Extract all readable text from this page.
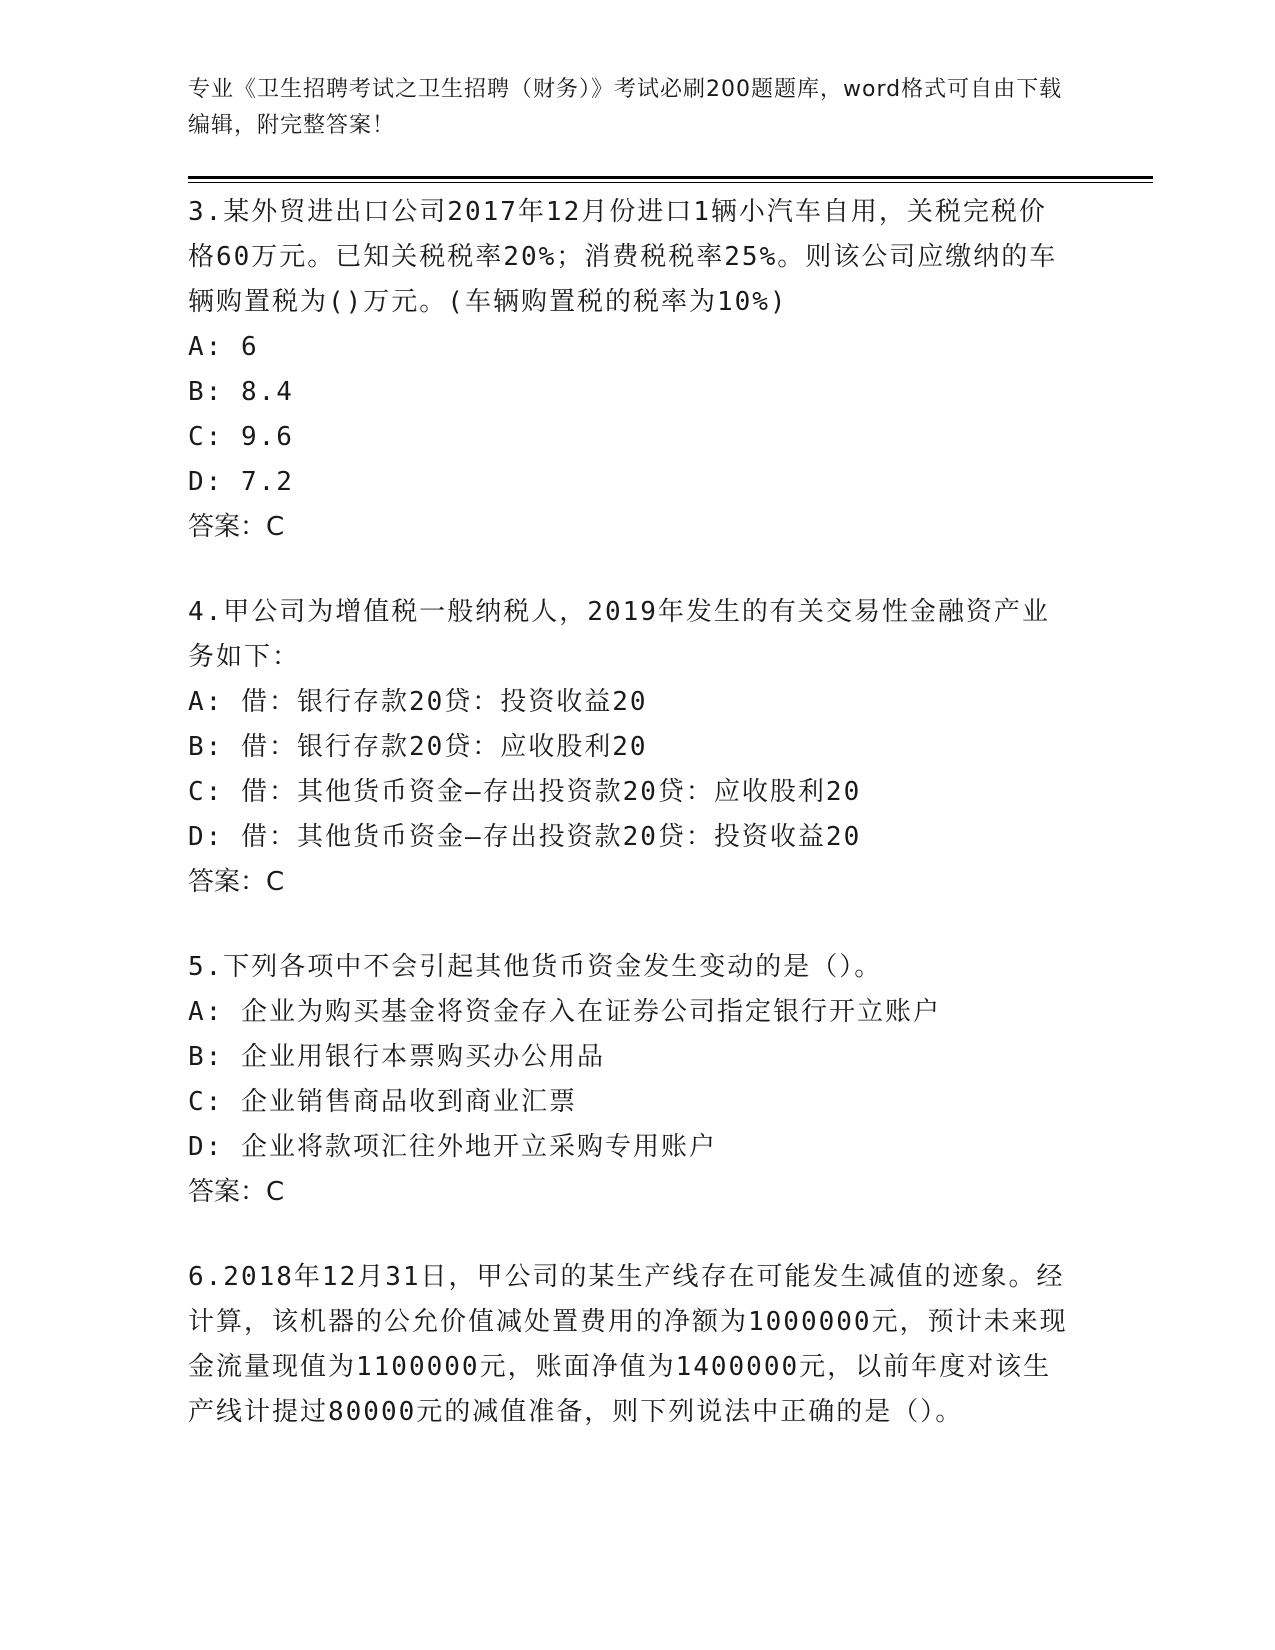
专业《卫生招聘考试之卫生招聘（财务）》考试必刷200题题库，word格式可自由下载编辑，附完整答案！

3.某外贸进出口公司2017年12月份进口1辆小汽车自用，关税完税价格60万元。已知关税税率20%；消费税税率25%。则该公司应缴纳的车辆购置税为()万元。(车辆购置税的税率为10%)

A: 6

B: 8.4

C: 9.6

D: 7.2

答案：C

4.甲公司为增值税一般纳税人，2019年发生的有关交易性金融资产业务如下：

A: 借：银行存款20贷：投资收益20

B: 借：银行存款20贷：应收股利20

C: 借：其他货币资金—存出投资款20贷：应收股利20

D: 借：其他货币资金—存出投资款20贷：投资收益20

答案：C

5.下列各项中不会引起其他货币资金发生变动的是（）。

A: 企业为购买基金将资金存入在证券公司指定银行开立账户

B: 企业用银行本票购买办公用品

C: 企业销售商品收到商业汇票

D: 企业将款项汇往外地开立采购专用账户

答案：C

6.2018年12月31日，甲公司的某生产线存在可能发生减值的迹象。经计算，该机器的公允价值减处置费用的净额为1000000元，预计未来现金流量现值为1100000元，账面净值为1400000元，以前年度对该生产线计提过80000元的减值准备，则下列说法中正确的是（）。
